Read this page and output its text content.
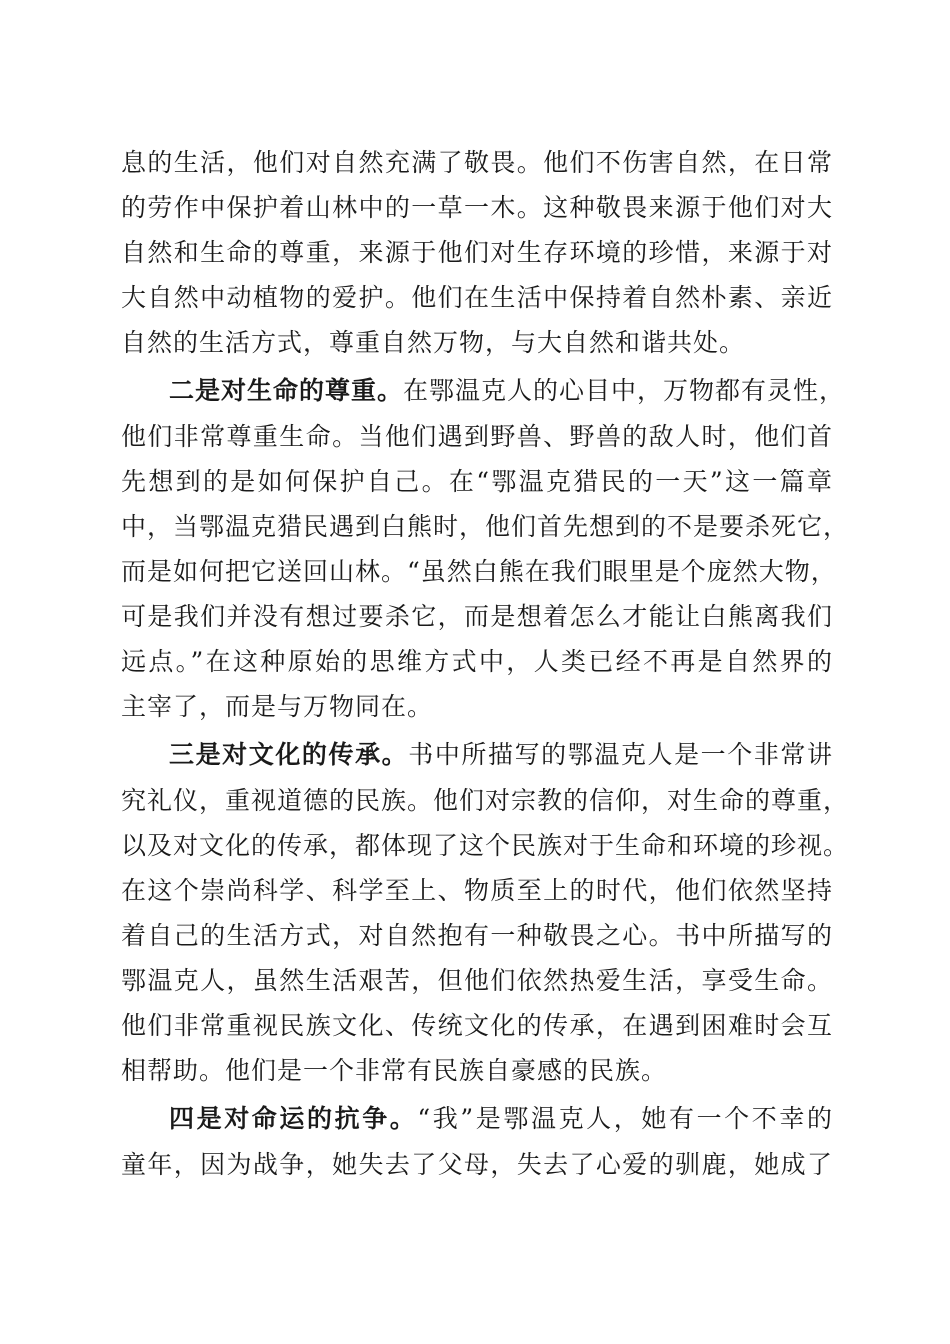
息的生活，他们对自然充满了敬畏。他们不伤害自然，在日常
的劳作中保护着山林中的一草一木。这种敬畏来源于他们对大
自然和生命的尊重，来源于他们对生存环境的珍惜，来源于对
大自然中动植物的爱护。他们在生活中保持着自然朴素、亲近
自然的生活方式，尊重自然万物，与大自然和谐共处。
二是对生命的尊重。在鄂温克人的心目中，万物都有灵性，
他们非常尊重生命。当他们遇到野兽、野兽的敌人时，他们首
先想到的是如何保护自己。在“鄂温克猎民的一天”这一篇章
中，当鄂温克猎民遇到白熊时，他们首先想到的不是要杀死它，
而是如何把它送回山林。“虽然白熊在我们眼里是个庞然大物，
可是我们并没有想过要杀它，而是想着怎么才能让白熊离我们
远点。”在这种原始的思维方式中，人类已经不再是自然界的
主宰了，而是与万物同在。
三是对文化的传承。书中所描写的鄂温克人是一个非常讲
究礼仪，重视道德的民族。他们对宗教的信仰，对生命的尊重，
以及对文化的传承，都体现了这个民族对于生命和环境的珍视。
在这个崇尚科学、科学至上、物质至上的时代，他们依然坚持
着自己的生活方式，对自然抱有一种敬畏之心。书中所描写的
鄂温克人，虽然生活艰苦，但他们依然热爱生活，享受生命。
他们非常重视民族文化、传统文化的传承，在遇到困难时会互
相帮助。他们是一个非常有民族自豪感的民族。
四是对命运的抗争。“我”是鄂温克人，她有一个不幸的
童年，因为战争，她失去了父母，失去了心爱的驯鹿，她成了
